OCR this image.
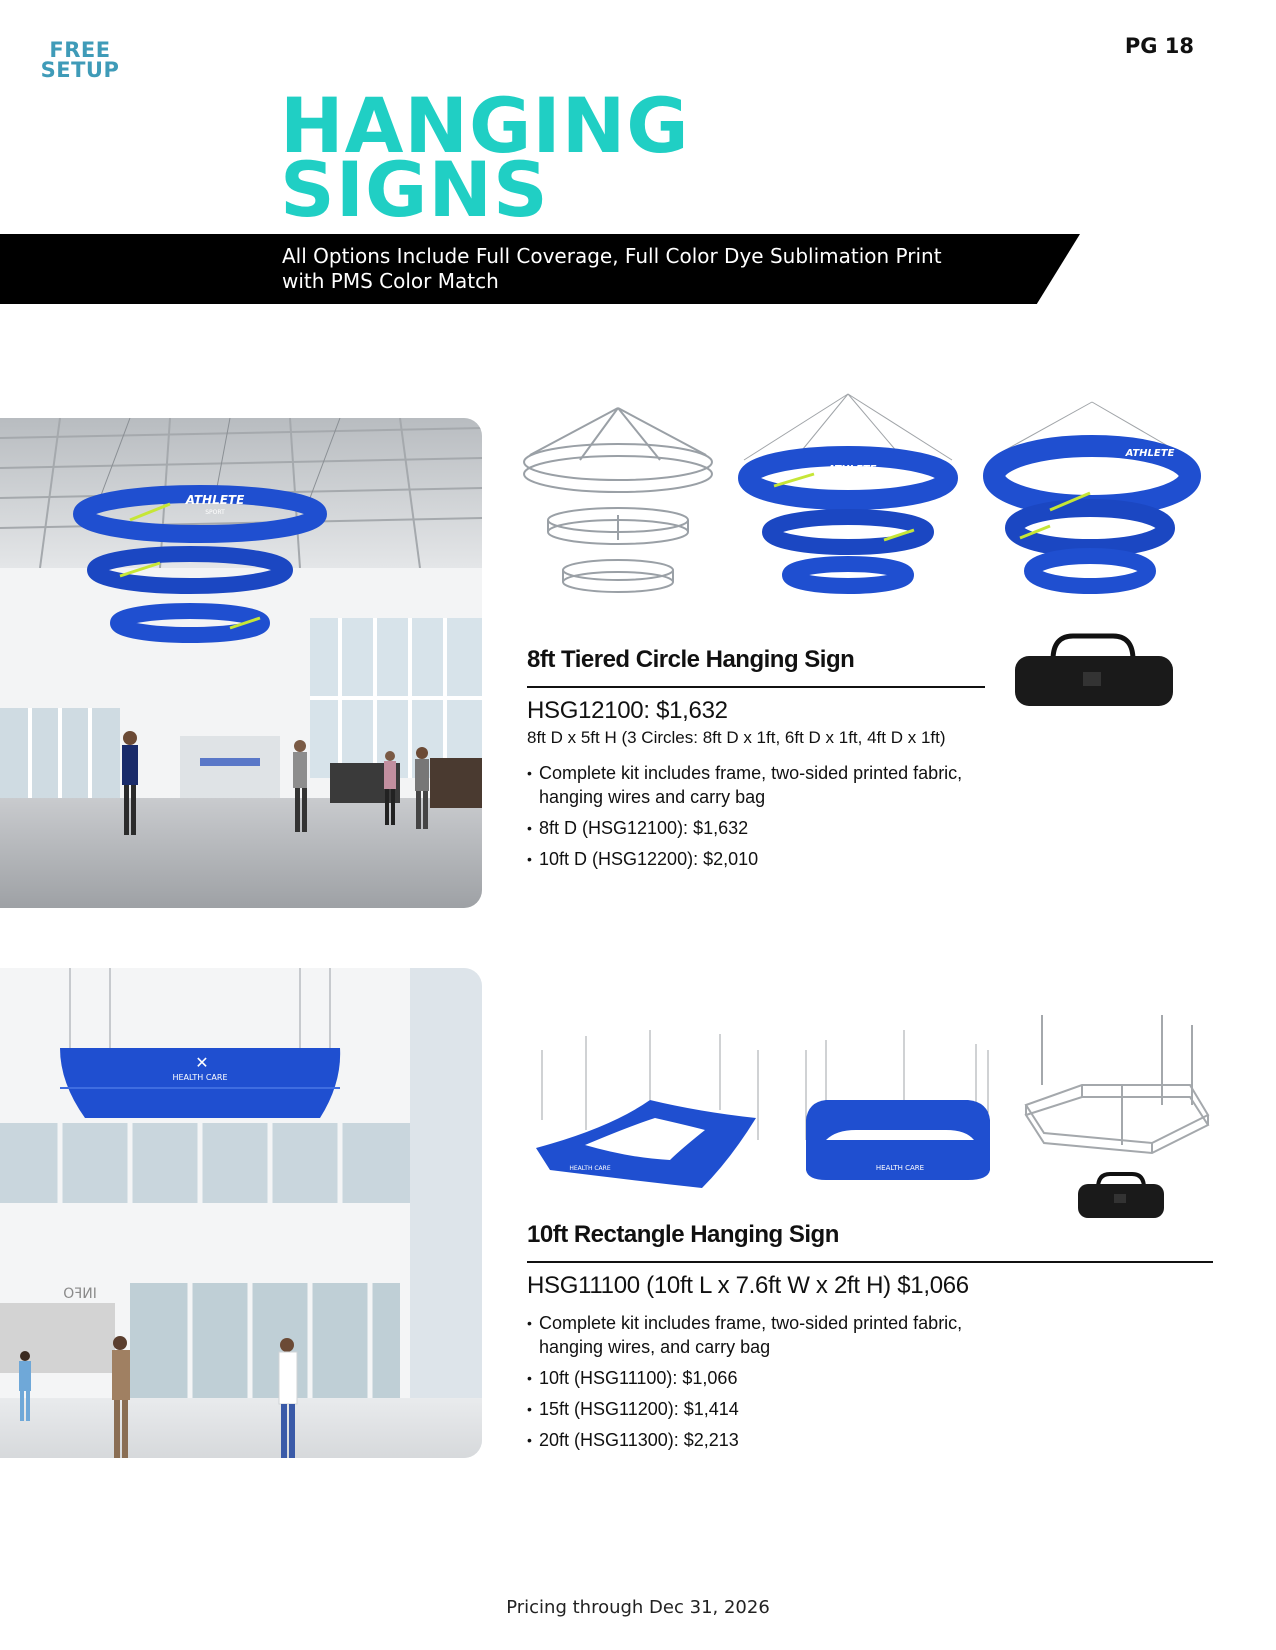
FREE
SETUP
PG 18
HANGING
SIGNS
All Options Include Full Coverage, Full Color Dye Sublimation Print
with PMS Color Match
ATHLETE
SPORT
INFO
HEALTH CARE
✕
ATHLETE
SPORT
ATHLETE
8ft Tiered Circle Hanging Sign
HSG12100: $1,632
8ft D x 5ft H (3 Circles: 8ft D x 1ft, 6ft D x 1ft, 4ft D x 1ft)
• Complete kit includes frame, two-sided printed fabric,
hanging wires and carry bag
• 8ft D (HSG12100): $1,632
• 10ft D (HSG12200): $2,010
HEALTH CARE	HEALTH CARE
10ft Rectangle Hanging Sign
HSG11100 (10ft L x 7.6ft W x 2ft H) $1,066
• Complete kit includes frame, two-sided printed fabric,
hanging wires, and carry bag
• 10ft (HSG11100): $1,066
• 15ft (HSG11200): $1,414
• 20ft (HSG11300): $2,213
Pricing through Dec 31, 2026
